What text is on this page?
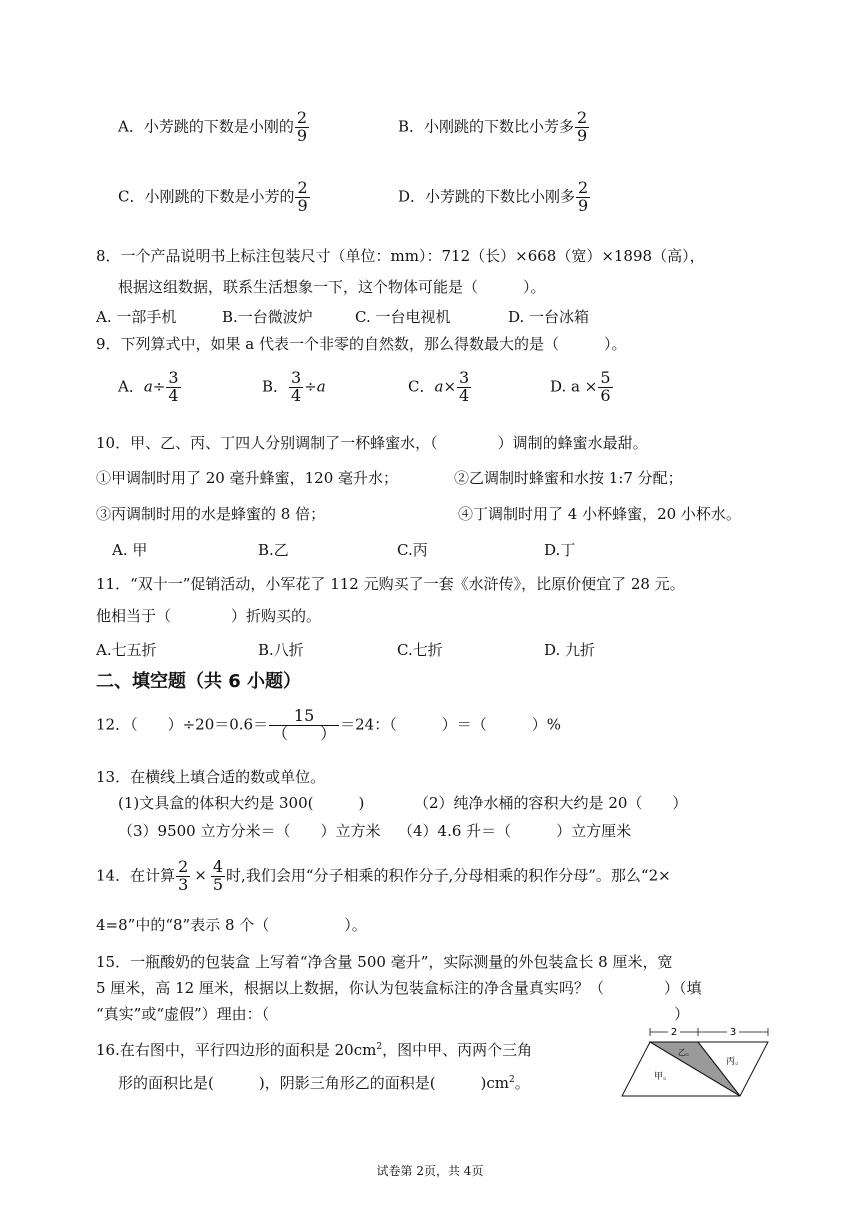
A．小芳跳的下数是小刚的 $\frac{2}{9}$	B．小刚跳的下数比小芳多 $\frac{2}{9}$
C．小刚跳的下数是小芳的 $\frac{2}{9}$	D．小芳跳的下数比小刚多 $\frac{2}{9}$
8．一个产品说明书上标注包装尺寸（单位：mm）：712（长）×668（宽）×1898（高），
根据这组数据，联系生活想象一下，这个物体可能是（　　　）。
A. 一部手机	B.一台微波炉	C. 一台电视机	D. 一台冰箱
9．下列算式中，如果 a 代表一个非零的自然数，那么得数最大的是（　　　）。
A．$a\div \frac{3}{4}$	B． $\frac{3}{4} \div a$	C．$a\times \frac{3}{4}$	D. $a \times \frac{5}{6}$
10．甲、乙、丙、丁四人分别调制了一杯蜂蜜水，（　　　　）调制的蜂蜜水最甜。
①甲调制时用了 20 毫升蜂蜜，120 毫升水；	②乙调制时蜂蜜和水按 1:7 分配；
③丙调制时用的水是蜂蜜的 8 倍；	④丁调制时用了 4 小杯蜂蜜，20 小杯水。
A. 甲	B.乙	C.丙	D.丁
11．“双十一”促销活动，小军花了 112 元购买了一套《水浒传》，比原价便宜了 28 元。
他相当于（　　　　）折购买的。
A.七五折	B.八折	C.七折	D. 九折
二、填空题（共 6 小题）
12．（　　）$\div 20=0.6= \frac{15}{( )} =24$：（　　　）＝（　　　）%
13．在横线上填合适的数或单位。
(1)文具盒的体积大约是 300(　　　)	（2）纯净水桶的容积大约是 20（　　）
（3）9500 立方分米＝（　　）立方米 （4）4.6 升＝（　　　）立方厘米
14．在计算 $\frac{2}{3} \times \frac{4}{5}$ 时,我们会用“分子相乘的积作分子,分母相乘的积作分母”。那么“2×
4=8”中的“8”表示 8 个（　　　　　）。
15．一瓶酸奶的包装盒 上写着“净含量 500 毫升”，实际测量的外包装盒长 8 厘米，宽
5 厘米，高 12 厘米，根据以上数据，你认为包装盒标注的净含量真实吗？（　　　　）（填
“真实”或“虚假”）理由：（　　　　　　　　　　　　　　　　　　　　　　　　　　　）
16.在右图中，平行四边形的面积是 $20cm^2$，图中甲、丙两个三角
形的面积比是(　　　)，阴影三角形乙的面积是(　　　)$cm^2$。
2	3
甲。
乙。
丙。
试卷第 2页，共 4页
